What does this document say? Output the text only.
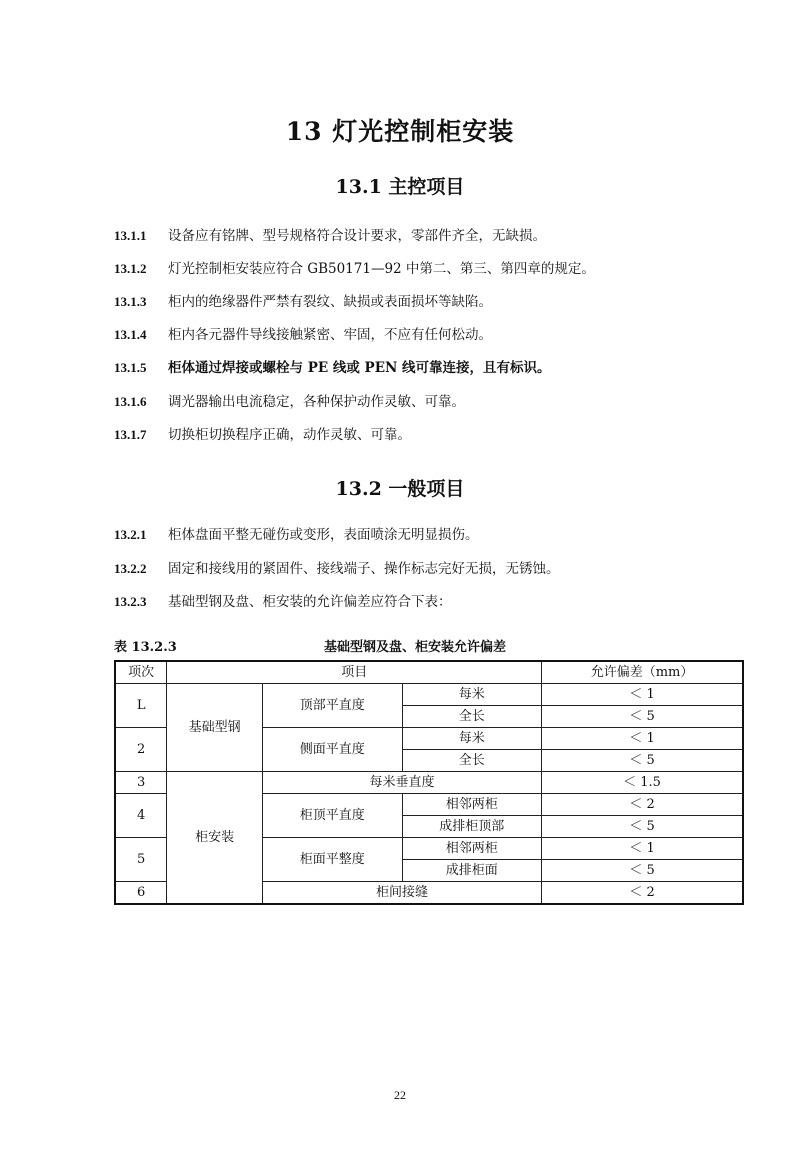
13 灯光控制柜安装
13.1 主控项目
13.1.1 设备应有铭牌、型号规格符合设计要求，零部件齐全，无缺损。
13.1.2 灯光控制柜安装应符合 GB50171—92 中第二、第三、第四章的规定。
13.1.3 柜内的绝缘器件严禁有裂纹、缺损或表面损坏等缺陷。
13.1.4 柜内各元器件导线接触紧密、牢固，不应有任何松动。
13.1.5 柜体通过焊接或螺栓与 PE 线或 PEN 线可靠连接，且有标识。
13.1.6 调光器输出电流稳定，各种保护动作灵敏、可靠。
13.1.7 切换柜切换程序正确，动作灵敏、可靠。
13.2 一般项目
13.2.1 柜体盘面平整无碰伤或变形，表面喷涂无明显损伤。
13.2.2 固定和接线用的紧固件、接线端子、操作标志完好无损，无锈蚀。
13.2.3 基础型钢及盘、柜安装的允许偏差应符合下表：
表 13.2.3	基础型钢及盘、柜安装允许偏差
项次	项目			允许偏差（mm）
L	基础型钢	顶部平直度	每米	＜ 1
			全长	＜ 5
2		侧面平直度	每米	＜ 1
			全长	＜ 5
3	柜安装	每米垂直度		＜ 1.5
4		柜顶平直度	相邻两柜	＜ 2
			成排柜顶部	＜ 5
5		柜面平整度	相邻两柜	＜ 1
			成排柜面	＜ 5
6		柜间接缝		＜ 2
22
